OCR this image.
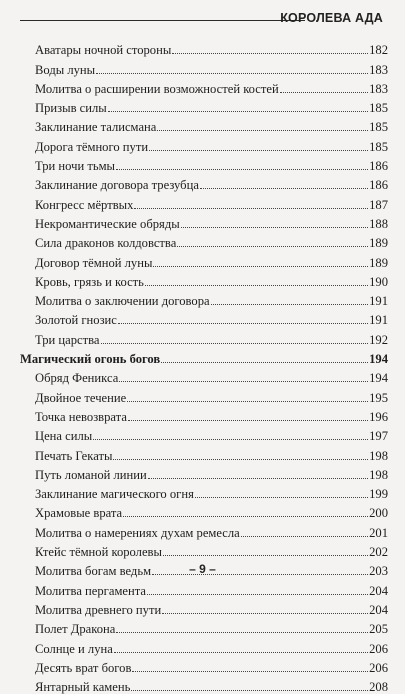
КОРОЛЕВА АДА
Аватары ночной стороны	182
Воды луны	183
Молитва о расширении возможностей костей	183
Призыв силы	185
Заклинание талисмана	185
Дорога тёмного пути	185
Три ночи тьмы	186
Заклинание договора трезубца	186
Конгресс мёртвых	187
Некромантические обряды	188
Сила драконов колдовства	189
Договор тёмной луны	189
Кровь, грязь и кость	190
Молитва о заключении договора	191
Золотой гнозис	191
Три царства	192
Магический огонь богов	194
Обряд Феникса	194
Двойное течение	195
Точка невозврата	196
Цена силы	197
Печать Гекаты	198
Путь ломаной линии	198
Заклинание магического огня	199
Храмовые врата	200
Молитва о намерениях духам ремесла	201
Ктейс тёмной королевы	202
Молитва богам ведьм	203
Молитва пергамента	204
Молитва древнего пути	204
Полет Дракона	205
Солнце и луна	206
Десять врат богов	206
Янтарный камень	208
– 9 –
